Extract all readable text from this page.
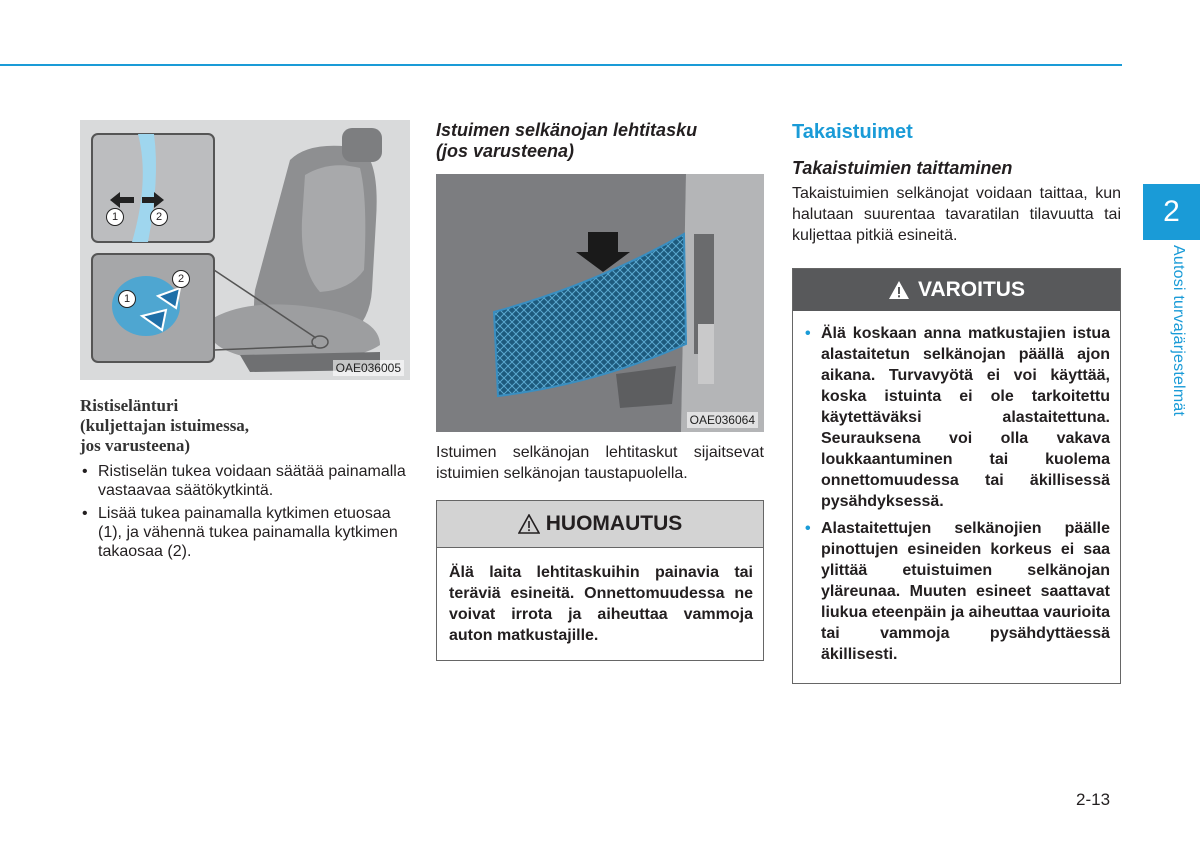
1	2
1
2
OAE036005
Ristiselänturi
(kuljettajan istuimessa,
jos varusteena)
• Ristiselän tukea voidaan säätää painamalla vastaavaa säätökytkintä.
• Lisää tukea painamalla kytkimen etuosaa (1), ja vähennä tukea painamalla kytkimen takaosaa (2).
Istuimen selkänojan lehtitasku
(jos varusteena)
OAE036064

Istuimen selkänojan lehtitaskut sijaitsevat istuimien selkänojan taustapuolella.

HUOMAUTUS
Älä laita lehtitaskuihin painavia tai teräviä esineitä. Onnettomuudessa ne voivat irrota ja aiheuttaa vammoja auton matkustajille.
Takaistuimet
Takaistuimien taittaminen

Takaistuimien selkänojat voidaan taittaa, kun halutaan suurentaa tavaratilan tilavuutta tai kuljettaa pitkiä esineitä.

VAROITUS
• Älä koskaan anna matkustajien istua alastaitetun selkänojan päällä ajon aikana. Turvavyötä ei voi käyttää, koska istuinta ei ole tarkoitettu käytettäväksi alastaitettuna. Seurauksena voi olla vakava loukkaantuminen tai kuolema onnettomuudessa tai äkillisessä pysähdyksessä.
• Alastaitettujen selkänojien päälle pinottujen esineiden korkeus ei saa ylittää etuistuimen selkänojan yläreunaa. Muuten esineet saattavat liukua eteenpäin ja aiheuttaa vaurioita tai vammoja pysähdyttäessä äkillisesti.
2
Autosi turvajärjestelmät
2-13
